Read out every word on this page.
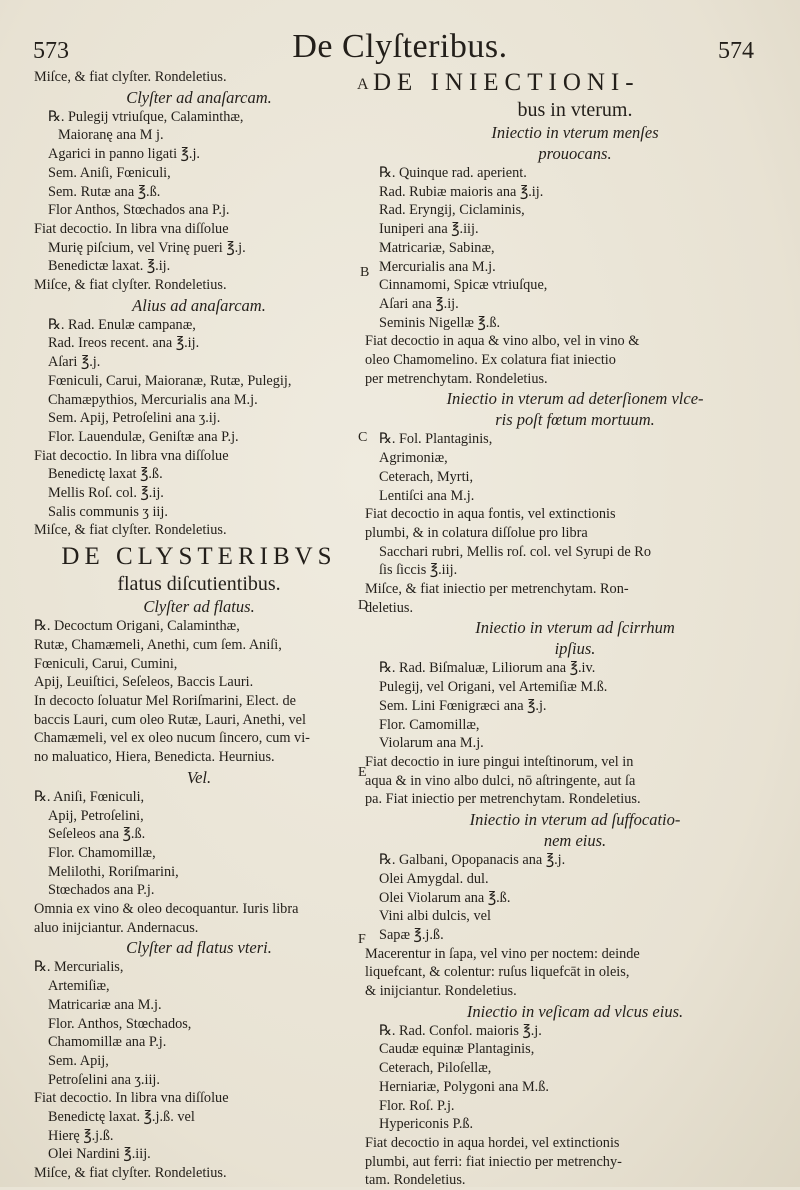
573	De Clyſteribus.	574
A
B
C
D
E
F
Miſce, & fiat clyſter. Rondeletius.
Clyſter ad anaſarcam.
℞. Pulegij vtriuſque, Calaminthæ,
Maioranę ana M j.
Agarici in panno ligati ℥.j.
Sem. Aniſi, Fœniculi,
Sem. Rutæ ana ℥.ß.
Flor Anthos, Stœchados ana P.j.
Fiat decoctio. In libra vna diſſolue
Murię piſcium, vel Vrinę pueri ℥.j.
Benedictæ laxat. ℥.ij.
Miſce, & fiat clyſter. Rondeletius.
Alius ad anaſarcam.
℞. Rad. Enulæ campanæ,
Rad. Ireos recent. ana ℥.ij.
Aſari ℥.j.
Fœniculi, Carui, Maioranæ, Rutæ, Pulegij,
Chamæpythios, Mercurialis ana M.j.
Sem. Apij, Petroſelini ana ʒ.ij.
Flor. Lauendulæ, Geniſtæ ana P.j.
Fiat decoctio. In libra vna diſſolue
Benedictę laxat ℥.ß.
Mellis Roſ. col. ℥.ij.
Salis communis ʒ iij.
Miſce, & fiat clyſter. Rondeletius.
DE CLYSTERIBVS
flatus diſcutientibus.
Clyſter ad flatus.
℞. Decoctum Origani, Calaminthæ,
Rutæ, Chamæmeli, Anethi, cum ſem. Aniſi,
Fœniculi, Carui, Cumini,
Apij, Leuiſtici, Seſeleos, Baccis Lauri.
In decocto ſoluatur Mel Roriſmarini, Elect. de
baccis Lauri, cum oleo Rutæ, Lauri, Anethi, vel
Chamæmeli, vel ex oleo nucum ſincero, cum vi-
no maluatico, Hiera, Benedicta. Heurnius.
Vel.
℞. Aniſi, Fœniculi,
Apij, Petroſelini,
Seſeleos ana ℥.ß.
Flor. Chamomillæ,
Melilothi, Roriſmarini,
Stœchados ana P.j.
Omnia ex vino & oleo decoquantur. Iuris libra
aluo inijciantur. Andernacus.
Clyſter ad flatus vteri.
℞. Mercurialis,
Artemiſiæ,
Matricariæ ana M.j.
Flor. Anthos, Stœchados,
Chamomillæ ana P.j.
Sem. Apij,
Petroſelini ana ʒ.iij.
Fiat decoctio. In libra vna diſſolue
Benedictę laxat. ℥.j.ß. vel
Hierę ℥.j.ß.
Olei Nardini ℥.iij.
Miſce, & fiat clyſter. Rondeletius.
DE INIECTIONI-
bus in vterum.
Iniectio in vterum menſes
prouocans.
℞. Quinque rad. aperient.
Rad. Rubiæ maioris ana ℥.ij.
Rad. Eryngij, Ciclaminis,
Iuniperi ana ℥.iij.
Matricariæ, Sabinæ,
Mercurialis ana M.j.
Cinnamomi, Spicæ vtriuſque,
Aſari ana ℥.ij.
Seminis Nigellæ ℥.ß.
Fiat decoctio in aqua & vino albo, vel in vino &
oleo Chamomelino. Ex colatura fiat iniectio
per metrenchytam. Rondeletius.
Iniectio in vterum ad deterſionem vlce-
ris poſt fœtum mortuum.
℞. Fol. Plantaginis,
Agrimoniæ,
Ceterach, Myrti,
Lentiſci ana M.j.
Fiat decoctio in aqua fontis, vel extinctionis
plumbi, & in colatura diſſolue pro libra
Sacchari rubri, Mellis roſ. col. vel Syrupi de Ro
ſis ſiccis ℥.iij.
Miſce, & fiat iniectio per metrenchytam. Ron-
deletius.
Iniectio in vterum ad ſcirrhum
ipſius.
℞. Rad. Biſmaluæ, Liliorum ana ℥.iv.
Pulegij, vel Origani, vel Artemiſiæ M.ß.
Sem. Lini Fœnigræci ana ℥.j.
Flor. Camomillæ,
Violarum ana M.j.
Fiat decoctio in iure pingui inteſtinorum, vel in
aqua & in vino albo dulci, nō aſtringente, aut ſa
pa. Fiat iniectio per metrenchytam. Rondeletius.
Iniectio in vterum ad ſuffocatio-
nem eius.
℞. Galbani, Opopanacis ana ℥.j.
Olei Amygdal. dul.
Olei Violarum ana ℥.ß.
Vini albi dulcis, vel
Sapæ ℥.j.ß.
Macerentur in ſapa, vel vino per noctem: deinde
liquefcant, & colentur: ruſus liquefcāt in oleis,
& inijciantur. Rondeletius.
Iniectio in veſicam ad vlcus eius.
℞. Rad. Confol. maioris ℥.j.
Caudæ equinæ Plantaginis,
Ceterach, Piloſellæ,
Herniariæ, Polygoni ana M.ß.
Flor. Roſ. P.j.
Hypericonis P.ß.
Fiat decoctio in aqua hordei, vel extinctionis
plumbi, aut ferri: fiat iniectio per metrenchy-
tam. Rondeletius.
